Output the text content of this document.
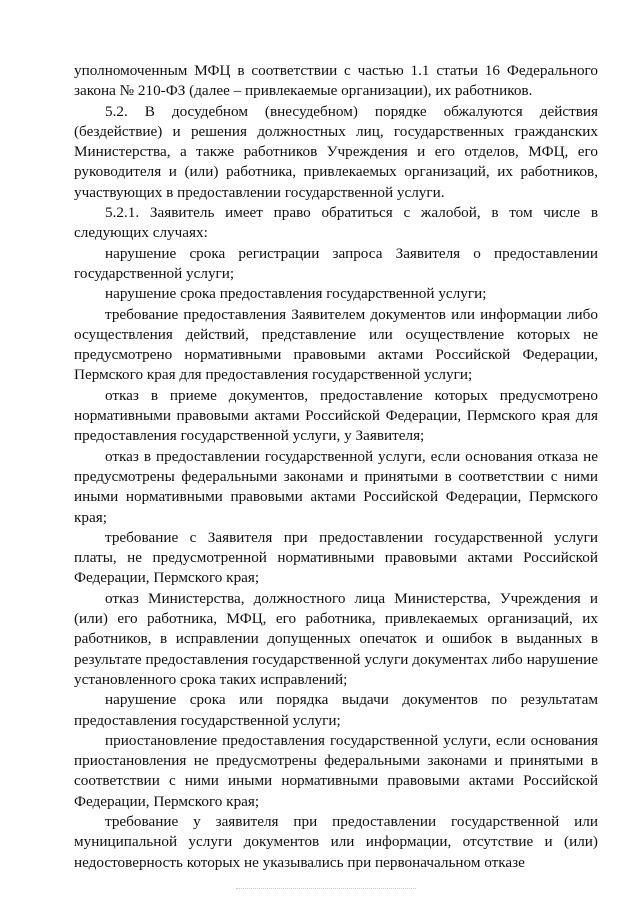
уполномоченным МФЦ в соответствии с частью 1.1 статьи 16 Федерального закона № 210-ФЗ (далее – привлекаемые организации), их работников.

5.2. В досудебном (внесудебном) порядке обжалуются действия (бездействие) и решения должностных лиц, государственных гражданских Министерства, а также работников Учреждения и его отделов, МФЦ, его руководителя и (или) работника, привлекаемых организаций, их работников, участвующих в предоставлении государственной услуги.

5.2.1. Заявитель имеет право обратиться с жалобой, в том числе в следующих случаях:

нарушение срока регистрации запроса Заявителя о предоставлении государственной услуги;

нарушение срока предоставления государственной услуги;

требование предоставления Заявителем документов или информации либо осуществления действий, представление или осуществление которых не предусмотрено нормативными правовыми актами Российской Федерации, Пермского края для предоставления государственной услуги;

отказ в приеме документов, предоставление которых предусмотрено нормативными правовыми актами Российской Федерации, Пермского края для предоставления государственной услуги, у Заявителя;

отказ в предоставлении государственной услуги, если основания отказа не предусмотрены федеральными законами и принятыми в соответствии с ними иными нормативными правовыми актами Российской Федерации, Пермского края;

требование с Заявителя при предоставлении государственной услуги платы, не предусмотренной нормативными правовыми актами Российской Федерации, Пермского края;

отказ Министерства, должностного лица Министерства, Учреждения и (или) его работника, МФЦ, его работника, привлекаемых организаций, их работников, в исправлении допущенных опечаток и ошибок в выданных в результате предоставления государственной услуги документах либо нарушение установленного срока таких исправлений;

нарушение срока или порядка выдачи документов по результатам предоставления государственной услуги;

приостановление предоставления государственной услуги, если основания приостановления не предусмотрены федеральными законами и принятыми в соответствии с ними иными нормативными правовыми актами Российской Федерации, Пермского края;

требование у заявителя при предоставлении государственной или муниципальной услуги документов или информации, отсутствие и (или) недостоверность которых не указывались при первоначальном отказе
